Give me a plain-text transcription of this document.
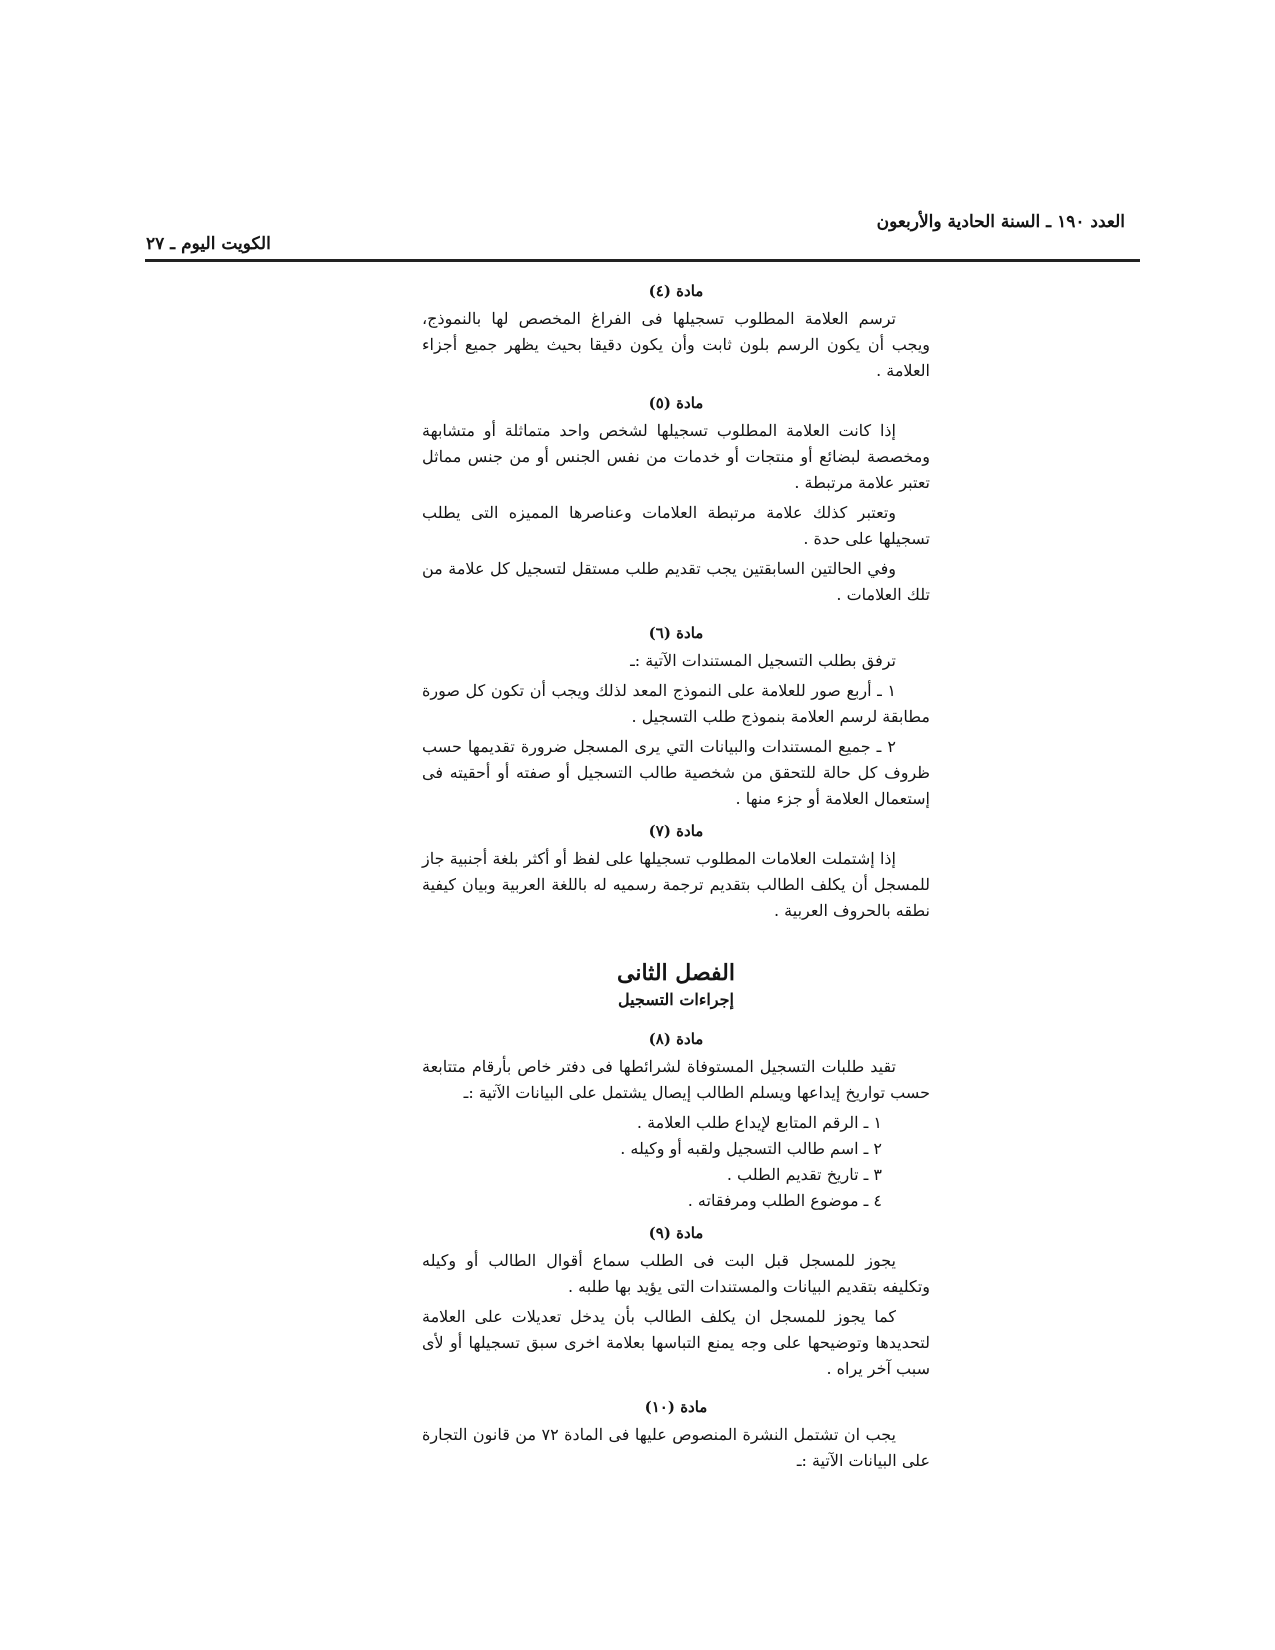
العدد ١٩٠ ـ السنة الحادية والأربعون
الكويت اليوم ـ ٢٧
مادة (٤)

ترسم العلامة المطلوب تسجيلها فى الفراغ المخصص لها بالنموذج، ويجب أن يكون الرسم بلون ثابت وأن يكون دقيقا بحيث يظهر جميع أجزاء العلامة .

مادة (٥)

إذا كانت العلامة المطلوب تسجيلها لشخص واحد متماثلة أو متشابهة ومخصصة لبضائع أو منتجات أو خدمات من نفس الجنس أو من جنس مماثل تعتبر علامة مرتبطة .

وتعتبر كذلك علامة مرتبطة العلامات وعناصرها المميزه التى يطلب تسجيلها على حدة .

وفي الحالتين السابقتين يجب تقديم طلب مستقل لتسجيل كل علامة من تلك العلامات .

مادة (٦)

ترفق بطلب التسجيل المستندات الآتية :ـ

١ ـ أربع صور للعلامة على النموذج المعد لذلك ويجب أن تكون كل صورة مطابقة لرسم العلامة بنموذج طلب التسجيل .

٢ ـ جميع المستندات والبيانات التي يرى المسجل ضرورة تقديمها حسب ظروف كل حالة للتحقق من شخصية طالب التسجيل أو صفته أو أحقيته فى إستعمال العلامة أو جزء منها .

مادة (٧)

إذا إشتملت العلامات المطلوب تسجيلها على لفظ أو أكثر بلغة أجنبية جاز للمسجل أن يكلف الطالب بتقديم ترجمة رسميه له باللغة العربية وبيان كيفية نطقه بالحروف العربية .

الفصل الثانى
إجراءات التسجيل
مادة (٨)

تقيد طلبات التسجيل المستوفاة لشرائطها فى دفتر خاص بأرقام متتابعة حسب تواريخ إيداعها ويسلم الطالب إيصال يشتمل على البيانات الآتية :ـ

١ ـ الرقم المتابع لإيداع طلب العلامة .

٢ ـ اسم طالب التسجيل ولقبه أو وكيله .

٣ ـ تاريخ تقديم الطلب .

٤ ـ موضوع الطلب ومرفقاته .

مادة (٩)

يجوز للمسجل قبل البت فى الطلب سماع أقوال الطالب أو وكيله وتكليفه بتقديم البيانات والمستندات التى يؤيد بها طلبه .

كما يجوز للمسجل ان يكلف الطالب بأن يدخل تعديلات على العلامة لتحديدها وتوضيحها على وجه يمنع التباسها بعلامة اخرى سبق تسجيلها أو لأى سبب آخر يراه .

مادة (١٠)

يجب ان تشتمل النشرة المنصوص عليها فى المادة ٧٢ من قانون التجارة على البيانات الآتية :ـ
